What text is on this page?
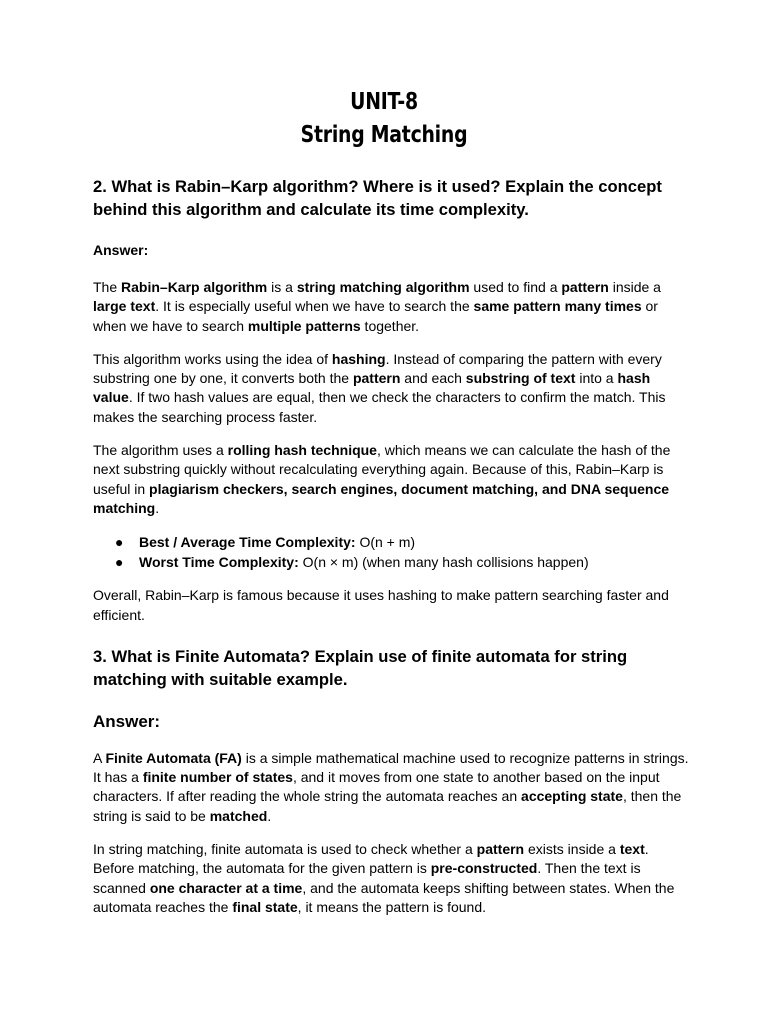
UNIT-8
String Matching
2. What is Rabin–Karp algorithm? Where is it used? Explain the concept behind this algorithm and calculate its time complexity.
Answer:

The Rabin–Karp algorithm is a string matching algorithm used to find a pattern inside a large text. It is especially useful when we have to search the same pattern many times or when we have to search multiple patterns together.

This algorithm works using the idea of hashing. Instead of comparing the pattern with every substring one by one, it converts both the pattern and each substring of text into a hash value. If two hash values are equal, then we check the characters to confirm the match. This makes the searching process faster.

The algorithm uses a rolling hash technique, which means we can calculate the hash of the next substring quickly without recalculating everything again. Because of this, Rabin–Karp is useful in plagiarism checkers, search engines, document matching, and DNA sequence matching.

● Best / Average Time Complexity: O(n + m)
● Worst Time Complexity: O(n × m) (when many hash collisions happen)

Overall, Rabin–Karp is famous because it uses hashing to make pattern searching faster and efficient.

3. What is Finite Automata? Explain use of finite automata for string matching with suitable example.
Answer:

A Finite Automata (FA) is a simple mathematical machine used to recognize patterns in strings. It has a finite number of states, and it moves from one state to another based on the input characters. If after reading the whole string the automata reaches an accepting state, then the string is said to be matched.

In string matching, finite automata is used to check whether a pattern exists inside a text. Before matching, the automata for the given pattern is pre-constructed. Then the text is scanned one character at a time, and the automata keeps shifting between states. When the automata reaches the final state, it means the pattern is found.
